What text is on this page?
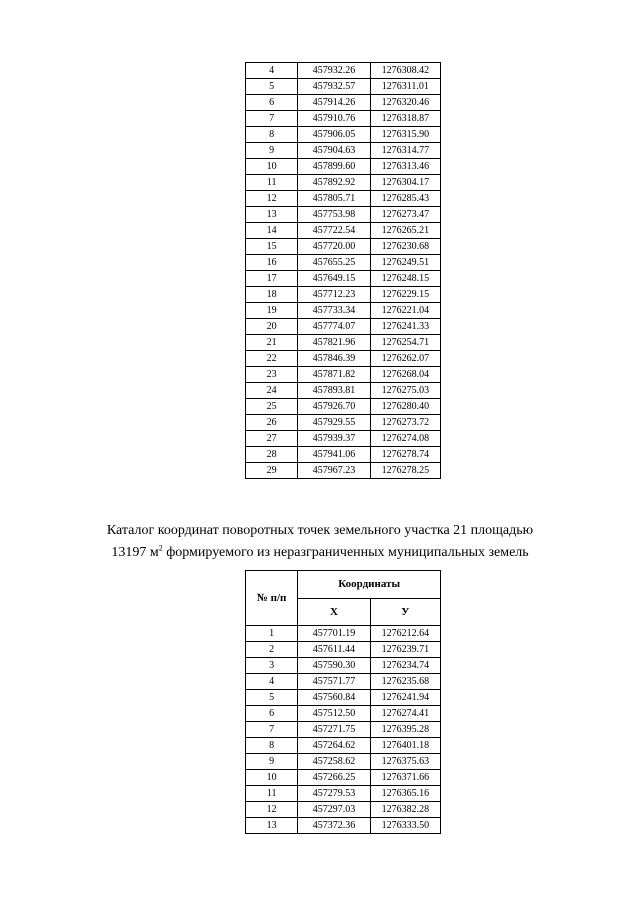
4	457932.26	1276308.42
5	457932.57	1276311.01
6	457914.26	1276320.46
7	457910.76	1276318.87
8	457906.05	1276315.90
9	457904.63	1276314.77
10	457899.60	1276313.46
11	457892.92	1276304.17
12	457805.71	1276285.43
13	457753.98	1276273.47
14	457722.54	1276265.21
15	457720.00	1276230.68
16	457655.25	1276249.51
17	457649.15	1276248.15
18	457712.23	1276229.15
19	457733.34	1276221.04
20	457774.07	1276241.33
21	457821.96	1276254.71
22	457846.39	1276262.07
23	457871.82	1276268.04
24	457893.81	1276275.03
25	457926.70	1276280.40
26	457929.55	1276273.72
27	457939.37	1276274.08
28	457941.06	1276278.74
29	457967.23	1276278.25
Каталог координат поворотных точек земельного участка 21 площадью
13197 $м^2$ формируемого из неразграниченных муниципальных земель
№ п/п	Координаты	
	Х	У
1	457701.19	1276212.64
2	457611.44	1276239.71
3	457590.30	1276234.74
4	457571.77	1276235.68
5	457560.84	1276241.94
6	457512.50	1276274.41
7	457271.75	1276395.28
8	457264.62	1276401.18
9	457258.62	1276375.63
10	457266.25	1276371.66
11	457279.53	1276365.16
12	457297.03	1276382.28
13	457372.36	1276333.50
